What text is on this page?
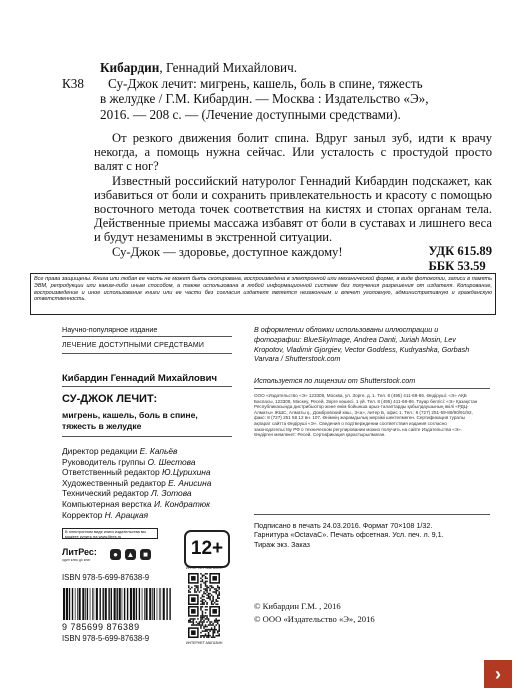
К38
Кибардин, Геннадий Михайлович.
Су-Джок лечит: мигрень, кашель, боль в спине, тяжесть
в желудке / Г.М. Кибардин. — Москва : Издательство «Э»,
2016. — 208 с. — (Лечение доступными средствами).

От резкого движения болит спина. Вдруг заныл зуб, идти к врачу некогда, а помощь нужна сейчас. Или усталость с простудой просто валят с ног?

Известный российский натуролог Геннадий Кибардин подскажет, как избавиться от боли и сохранить привлекательность и красоту с помощью восточного метода точек соответствия на кистях и стопах органам тела. Действенные приемы массажа избавят от боли в суставах и лишнего веса и будут незаменимы в экстренной ситуации.

Су-Джок — здоровье, доступное каждому!	УДК 615.89
ББК 53.59
Все права защищены. Книга или любая ее часть не может быть скопирована, воспроизведена в электронной или механической форме, в виде фотокопии, записи в память ЭВМ, репродукции или каким-либо иным способом, а также использована в любой информационной системе без получения разрешения от издателя. Копирование, воспроизведение и иное использование книги или ее части без согласия издателя является незаконным и влечет уголовную, административную и гражданскую ответственность.
Научно-популярное издание
ЛЕЧЕНИЕ ДОСТУПНЫМИ СРЕДСТВАМИ
Кибардин Геннадий Михайлович
СУ-ДЖОК ЛЕЧИТ:
мигрень, кашель, боль в спине, тяжесть в желудке
Директор редакции Е. Капьёв
Руководитель группы О. Шестова
Ответственный редактор Ю.Цурихина
Художественный редактор Е. Анисина
Технический редактор Л. Зотова
Компьютерная верстка И. Кондратюк
Корректор Н. Арацкая
В оформлении обложки использованы иллюстрации и фотографии: BlueSkyImage, Andrea Danti, Juriah Mosin, Lev Kropotov, Vladimir Gjorgiev, Vector Goddess, Kudryashka, Gorbash Varvara / Shutterstock.com
Используется по лицензии от Shutterstock.com
ООО «Издательство «Э» 123308, Москва, ул. Зорге, д. 1. Тел. 8 (495) 411-68-86. Өндіруші: «Э» АҚБ Баспасы, 123308, Мәскеу, Ресей, Зорге көшесі, 1 үй. Тел. 8 (495) 411-68-86. Тауар белгісі: «Э» Қазақстан Республикасында дистрибьютор және өнім бойынша арыз-талаптарды қабылдаушының өкілі «РДЦ-Алматы» ЖШС, Алматы қ., Домбровский көш., 3«а», литер Б, офис 1. Тел.: 8 (727) 251-59-89/90/91/92, факс: 8 (727) 251 58 12 вн. 107. Өнімнің жарамдылық мерзімі шектелмеген. Сертификация туралы ақпарат сайтта Өндіруші «Э». Сведения о подтверждении соответствия издания согласно законодательству РФ о техническом регулировании можно получить на сайте Издательства «Э». Өндірген мемлекет: Ресей. Сертификация қарастырылмаған.
Подписано в печать 24.03.2016. Формат 70×108 1/32.
Гарнитура «OctavaC». Печать офсетная. Усл. печ. л. 9,1.
Тираж экз. Заказ
В электронном виде книги издательства вы можете купить на www.litres.ru
ЛитРес:
один клик до книг
● ▲ ■
ISBN 978-5-699-87638-9
9 785699 876389
ISBN 978-5-699-87638-9
12+
ИНТЕРНЕТ-МАГАЗИН
ИНТЕРНЕТ-МАГАЗИН
© Кибардин Г.М. , 2016
© ООО «Издательство «Э», 2016
›
